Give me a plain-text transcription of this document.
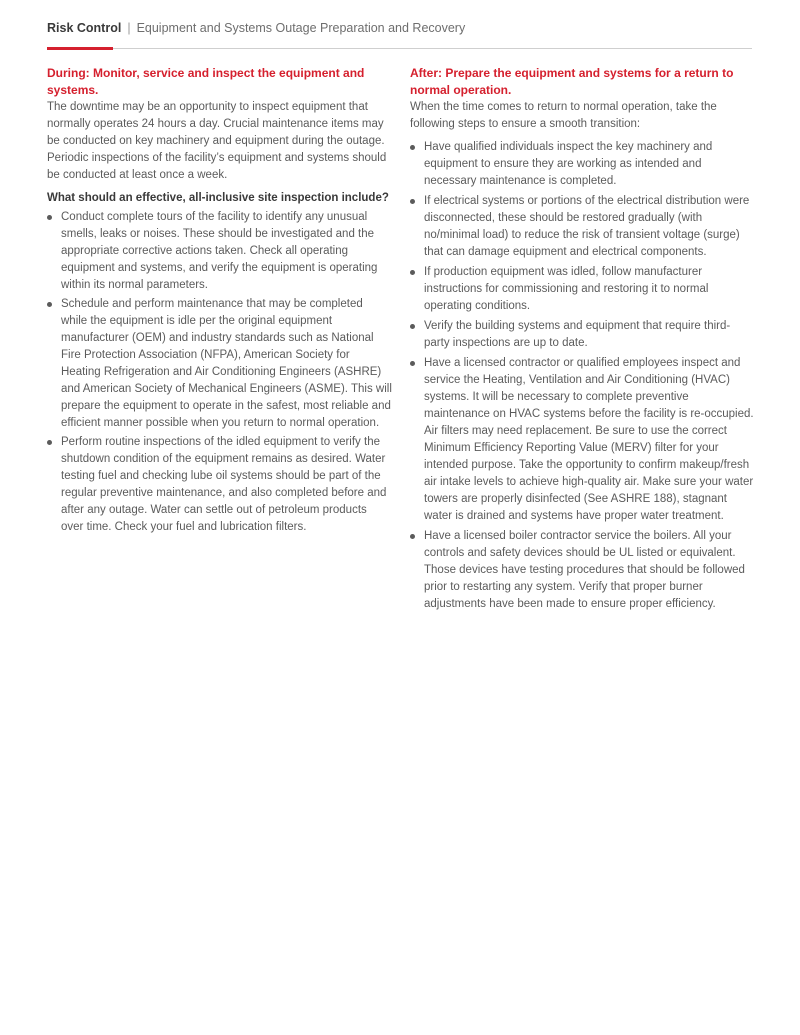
Risk Control | Equipment and Systems Outage Preparation and Recovery
During: Monitor, service and inspect the equipment and systems.

The downtime may be an opportunity to inspect equipment that normally operates 24 hours a day. Crucial maintenance items may be conducted on key machinery and equipment during the outage. Periodic inspections of the facility’s equipment and systems should be conducted at least once a week.

What should an effective, all-inclusive site inspection include?

Conduct complete tours of the facility to identify any unusual smells, leaks or noises. These should be investigated and the appropriate corrective actions taken. Check all operating equipment and systems, and verify the equipment is operating within its normal parameters.
Schedule and perform maintenance that may be completed while the equipment is idle per the original equipment manufacturer (OEM) and industry standards such as National Fire Protection Association (NFPA), American Society for Heating Refrigeration and Air Conditioning Engineers (ASHRE) and American Society of Mechanical Engineers (ASME). This will prepare the equipment to operate in the safest, most reliable and efficient manner possible when you return to normal operation.
Perform routine inspections of the idled equipment to verify the shutdown condition of the equipment remains as desired. Water testing fuel and checking lube oil systems should be part of the regular preventive maintenance, and also completed before and after any outage. Water can settle out of petroleum products over time. Check your fuel and lubrication filters.
After: Prepare the equipment and systems for a return to normal operation.

When the time comes to return to normal operation, take the following steps to ensure a smooth transition:

Have qualified individuals inspect the key machinery and equipment to ensure they are working as intended and necessary maintenance is completed.
If electrical systems or portions of the electrical distribution were disconnected, these should be restored gradually (with no/minimal load) to reduce the risk of transient voltage (surge) that can damage equipment and electrical components.
If production equipment was idled, follow manufacturer instructions for commissioning and restoring it to normal operating conditions.
Verify the building systems and equipment that require third-party inspections are up to date.
Have a licensed contractor or qualified employees inspect and service the Heating, Ventilation and Air Conditioning (HVAC) systems. It will be necessary to complete preventive maintenance on HVAC systems before the facility is re-occupied. Air filters may need replacement. Be sure to use the correct Minimum Efficiency Reporting Value (MERV) filter for your intended purpose. Take the opportunity to confirm makeup/fresh air intake levels to achieve high-quality air. Make sure your water towers are properly disinfected (See ASHRE 188), stagnant water is drained and systems have proper water treatment.
Have a licensed boiler contractor service the boilers. All your controls and safety devices should be UL listed or equivalent. Those devices have testing procedures that should be followed prior to restarting any system. Verify that proper burner adjustments have been made to ensure proper efficiency.
